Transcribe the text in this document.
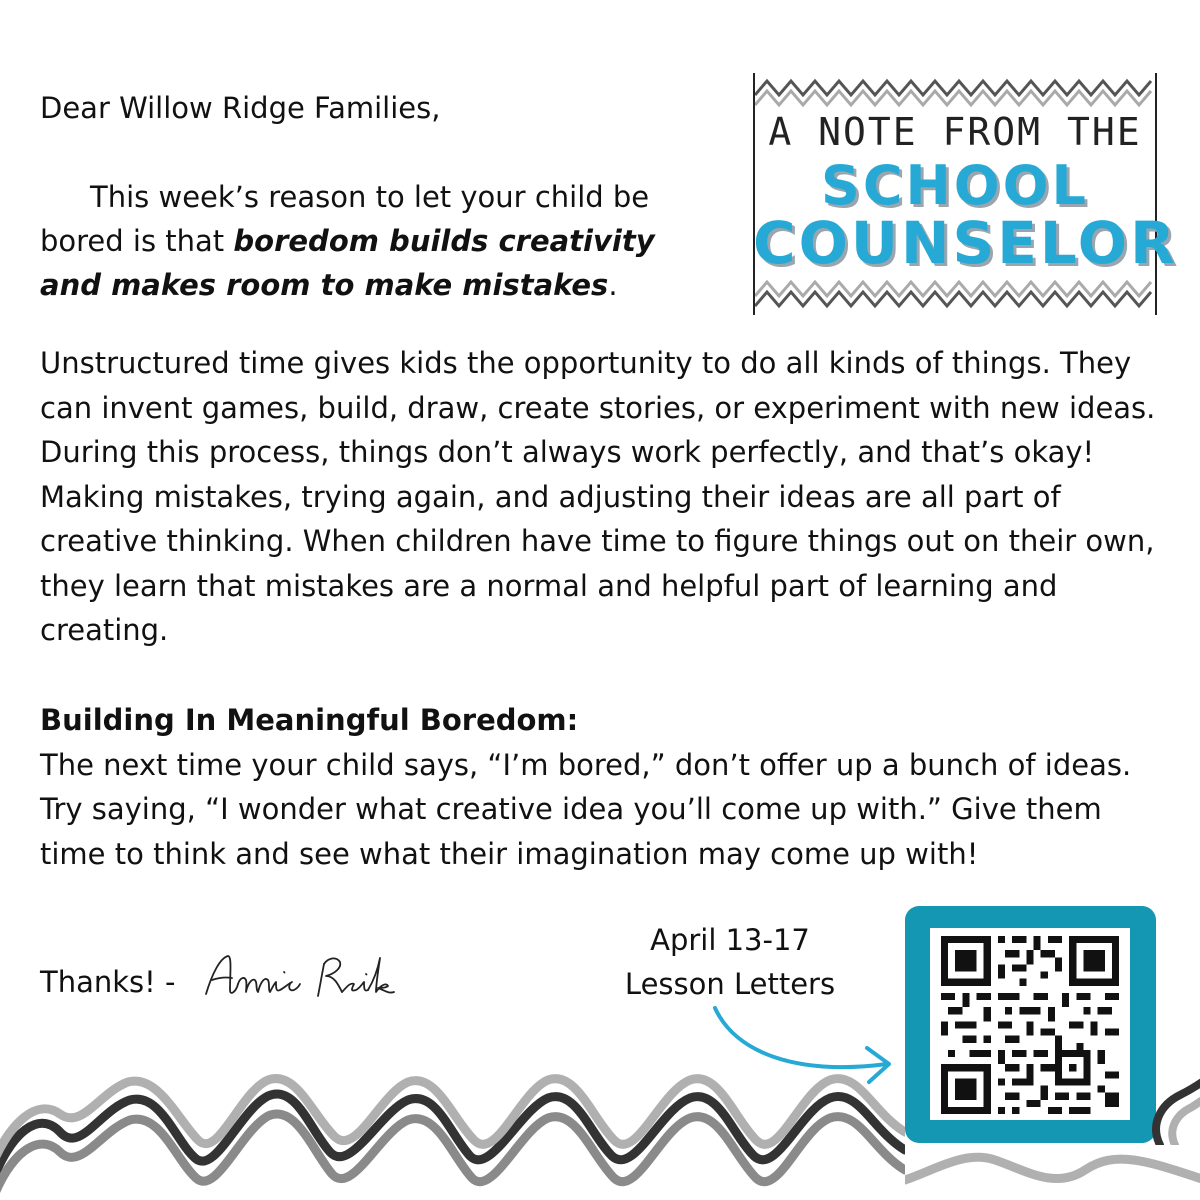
A NOTE FROM THE
SCHOOL
COUNSELOR
Dear Willow Ridge Families,
This week’s reason to let your child be bored is that boredom builds creativity and makes room to make mistakes.
Unstructured time gives kids the opportunity to do all kinds of things. They can invent games, build, draw, create stories, or experiment with new ideas. During this process, things don’t always work perfectly, and that’s okay! Making mistakes, trying again, and adjusting their ideas are all part of creative thinking. When children have time to figure things out on their own, they learn that mistakes are a normal and helpful part of learning and creating.
Building In Meaningful Boredom:
The next time your child says, “I’m bored,” don’t offer up a bunch of ideas. Try saying, “I wonder what creative idea you’ll come up with.” Give them time to think and see what their imagination may come up with!
Thanks! -
April 13-17
Lesson Letters
